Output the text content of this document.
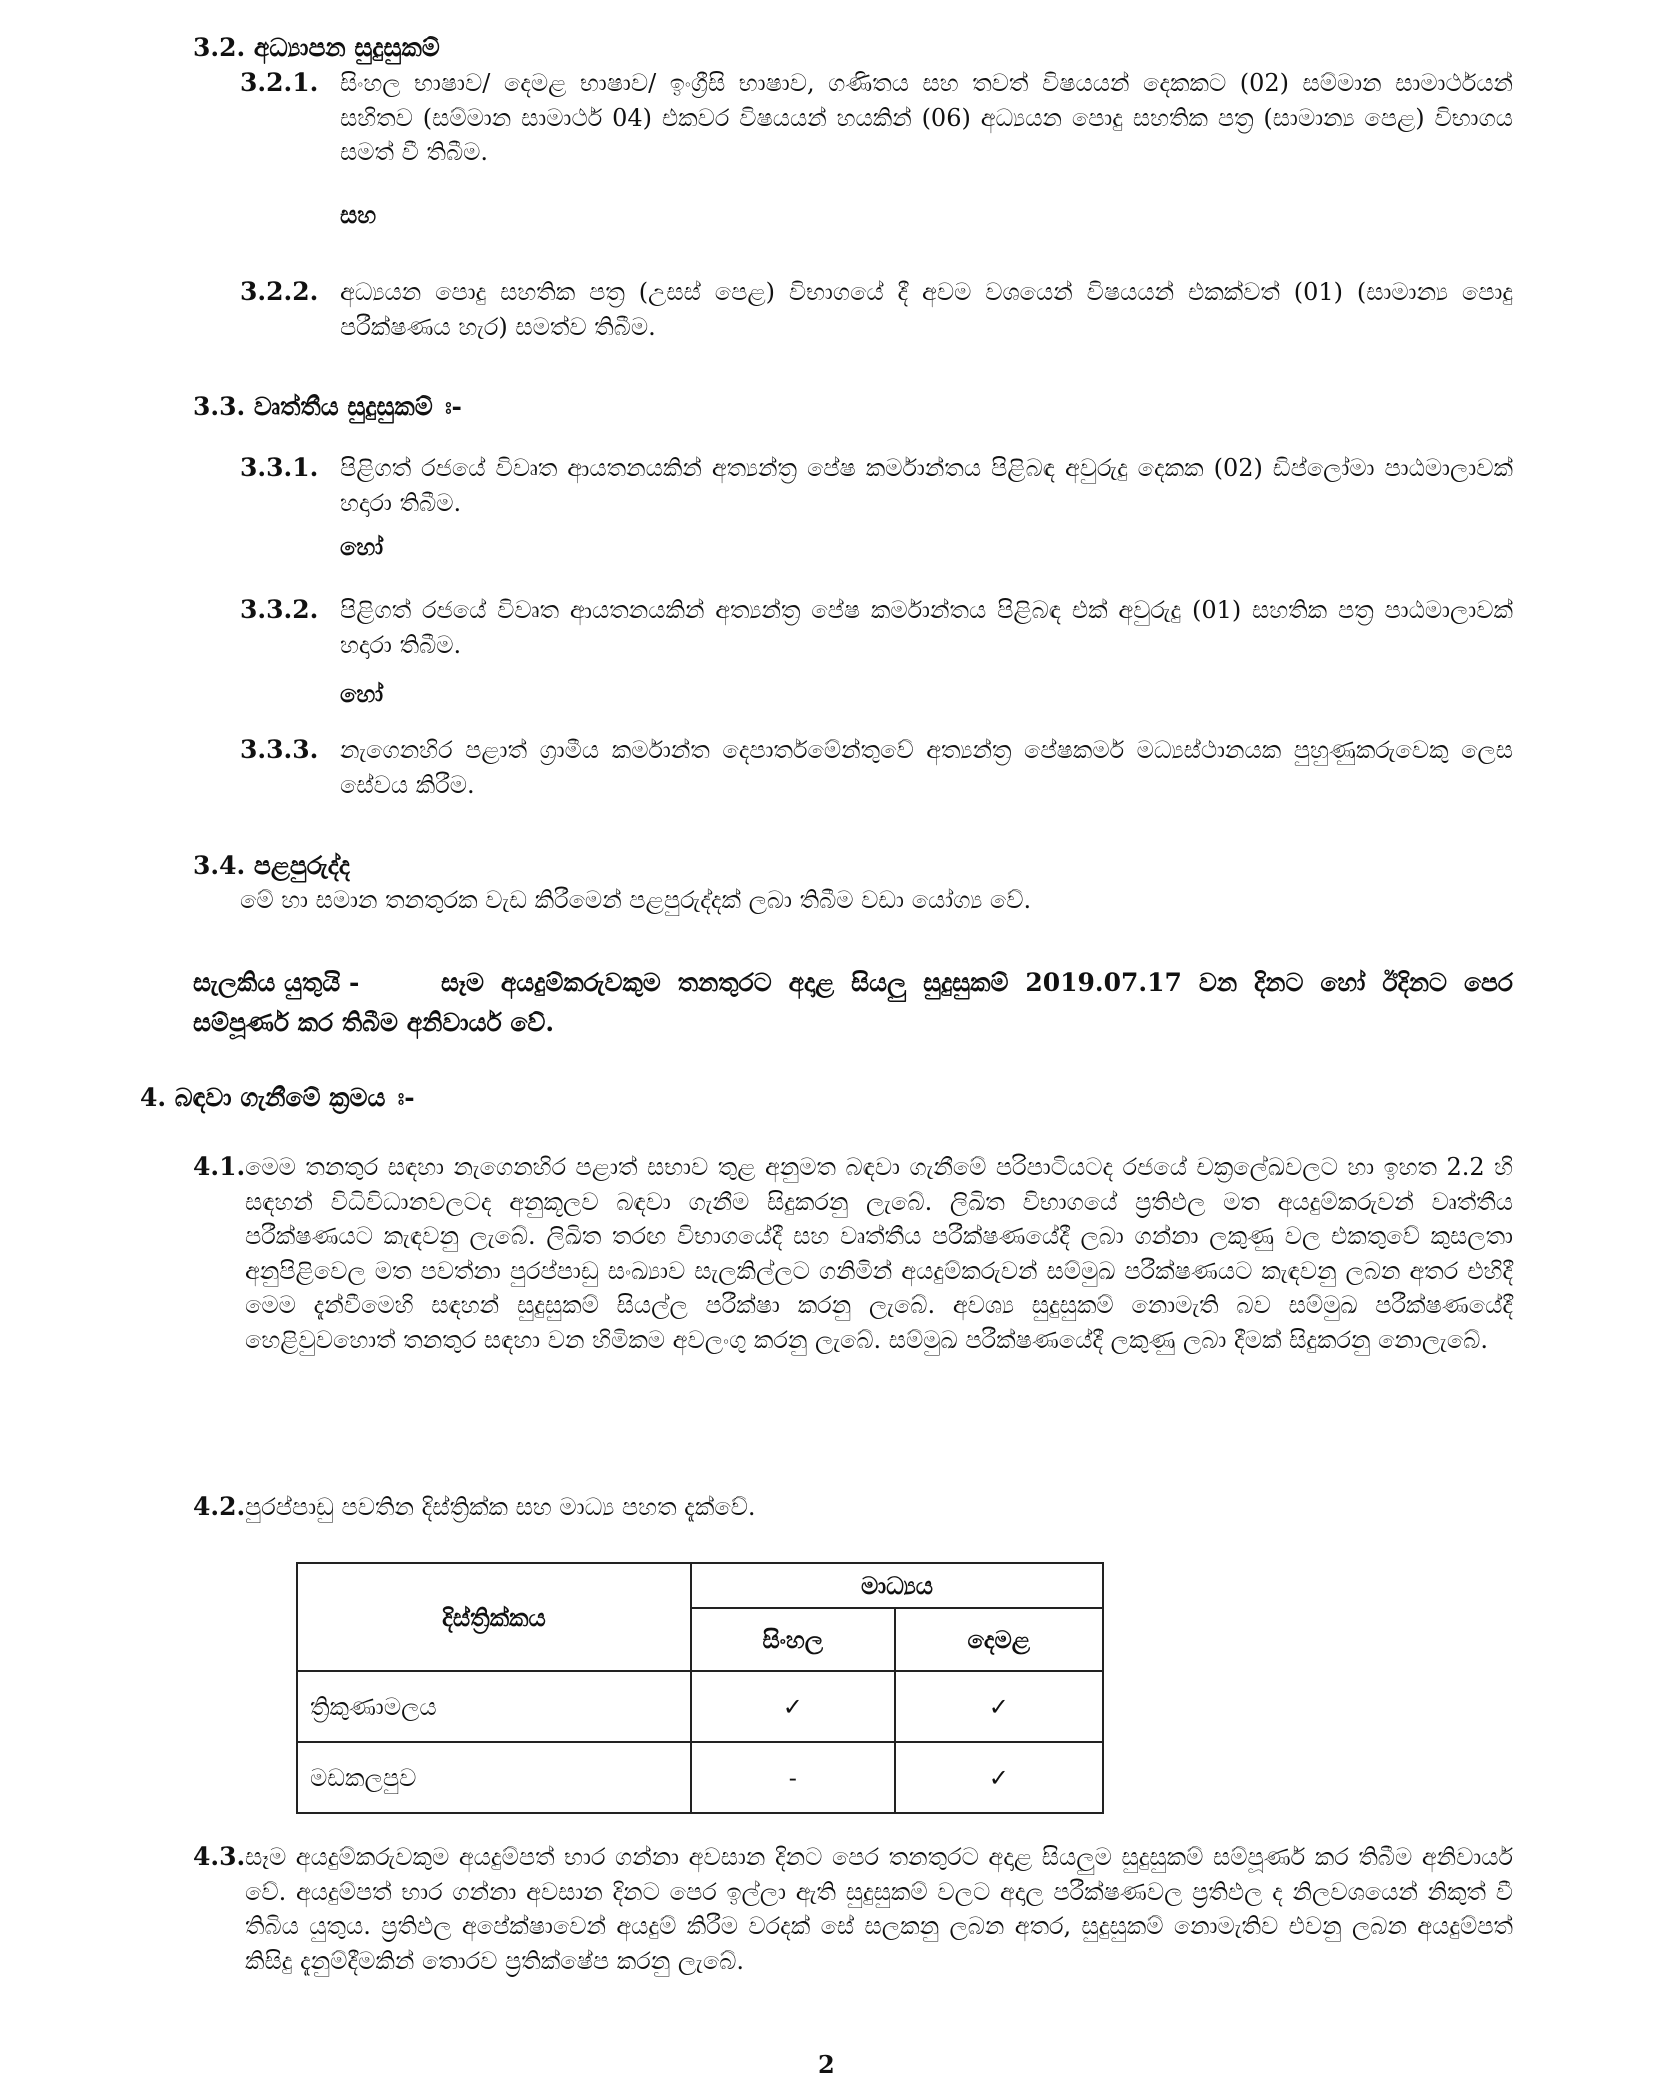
3.2. අධ්‍යාපන සුදුසුකම්
3.2.1. සිංහල භාෂාව/ දෙමළ භාෂාව/ ඉංග්‍රීසි භාෂාව, ගණිතය සහ තවත් විෂයයන් දෙකකට (02) සම්මාන සාමාර්ථයන් සහිතව (සම්මාන සාමාර්ථ 04) එකවර විෂයයන් හයකින් (06) අධ්‍යයන පොදු සහතික පත්‍ර (සාමාන්‍ය පෙළ) විභාගය සමත් වී තිබීම.
සහ
3.2.2. අධ්‍යයන පොදු සහතික පත්‍ර (උසස් පෙළ) විභාගයේ දී අවම වශයෙන් විෂයයන් එකක්වත් (01) (සාමාන්‍ය පොදු පරීක්ෂණය හැර) සමත්ව තිබීම.
3.3. වෘත්තීය සුදුසුකම් ඃ-
3.3.1. පිළිගත් රජයේ විවෘත ආයතනයකින් අත්‍යන්ත්‍ර පේෂ කර්මාන්තය පිළිබඳ අවුරුදු දෙකක (02) ඩිප්ලෝමා පාඨමාලාවක් හදාරා තිබීම.
හෝ
3.3.2. පිළිගත් රජයේ විවෘත ආයතනයකින් අත්‍යන්ත්‍ර පේෂ කර්මාන්තය පිළිබඳ එක් අවුරුදු (01) සහතික පත්‍ර පාඨමාලාවක් හදාරා තිබීම.
හෝ
3.3.3. නැගෙනහිර පළාත් ග්‍රාමීය කර්මාන්ත දෙපාර්තමේන්තුවේ අත්‍යන්ත්‍ර පේෂකර්ම මධ්‍යස්ථානයක පුහුණුකරුවෙකු ලෙස සේවය කිරීම.
3.4. පළපුරුද්ද
මේ හා සමාන තනතුරක වැඩ කිරීමෙන් පළපුරුද්දක් ලබා තිබීම වඩා යෝග්‍ය වේ.
සැලකිය යුතුයි -	සෑම අයදුම්කරුවකුම තනතුරට අදාළ සියලු සුදුසුකම් 2019.07.17 වන දිනට හෝ ඊදිනට පෙර සම්පූර්ණ කර තිබීම අනිවාර්ය වේ.
4. බඳවා ගැනීමේ ක්‍රමය ඃ-
4.1. මෙම තනතුර සඳහා නැගෙනහිර පළාත් සභාව තුළ අනුමත බඳවා ගැනීමේ පරිපාටියටද රජයේ චක්‍රලේඛවලට හා ඉහත 2.2 හි සඳහන් විධිවිධානවලටද අනුකූලව බඳවා ගැනීම සිදුකරනු ලැබේ. ලිඛිත විභාගයේ ප්‍රතිඵල මත අයදුම්කරුවන් වෘත්තීය පරීක්ෂණයට කැඳවනු ලැබේ. ලිඛිත තරඟ විභාගයේදී සහ වෘත්තීය පරීක්ෂණයේදී ලබා ගන්නා ලකුණු වල එකතුවේ කුසලතා අනුපිළිවෙල මත පවත්නා පුරප්පාඩු සංඛ්‍යාව සැලකිල්ලට ගනිමින් අයදුම්කරුවන් සම්මුඛ පරීක්ෂණයට කැඳවනු ලබන අතර එහිදී මෙම දැන්වීමෙහි සඳහන් සුදුසුකම් සියල්ල පරීක්ෂා කරනු ලැබේ. අවශ්‍ය සුදුසුකම් නොමැති බව සම්මුඛ පරීක්ෂණයේදී හෙළිවුවහොත් තනතුර සඳහා වන හිමිකම අවලංගු කරනු ලැබේ. සම්මුඛ පරීක්ෂණයේදී ලකුණු ලබා දීමක් සිදුකරනු නොලැබේ.
4.2. පුරප්පාඩු පවතින දිස්ත්‍රික්ක සහ මාධ්‍ය පහත දැක්වේ.
දිස්ත්‍රික්කය	මාධ්‍යය	
	සිංහල	දෙමළ
ත්‍රිකුණාමලය	✓	✓
මඩකලපුව	-	✓
4.3. සෑම අයදුම්කරුවකුම අයදුම්පත් භාර ගන්නා අවසාන දිනට පෙර තනතුරට අදාළ සියලුම සුදුසුකම් සම්පූර්ණ කර තිබීම අනිවාර්ය වේ. අයදුම්පත් භාර ගන්නා අවසාන දිනට පෙර ඉල්ලා ඇති සුදුසුකම් වලට අදාල පරීක්ෂණවල ප්‍රතිඵල ද නිලවශයෙන් නිකුත් වී තිබිය යුතුය. ප්‍රතිඵල අපේක්ෂාවෙන් අයදුම් කිරීම වරදක් සේ සලකනු ලබන අතර, සුදුසුකම් නොමැතිව එවනු ලබන අයදුම්පත් කිසිදු දැනුම්දීමකින් තොරව ප්‍රතික්ෂේප කරනු ලැබේ.
2
